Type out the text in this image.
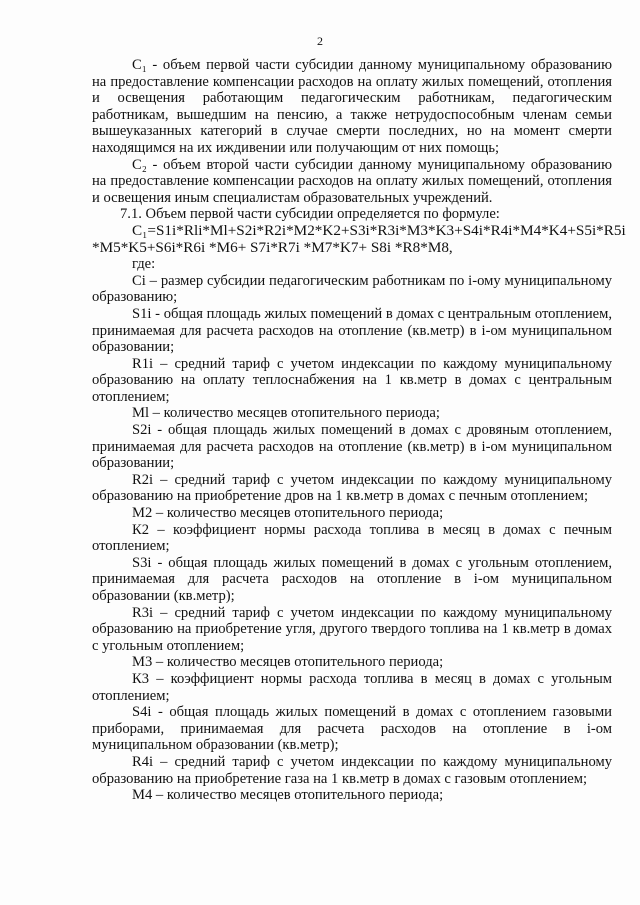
2

С₁ - объем первой части субсидии данному муниципальному образованию на предоставление компенсации расходов на оплату жилых помещений, отопления и освещения работающим педагогическим работникам, педагогическим работникам, вышедшим на пенсию, а также нетрудоспособным членам семьи вышеуказанных категорий в случае смерти последних, но на момент смерти находящимся на их иждивении или получающим от них помощь;

С₂ - объем второй части субсидии данному муниципальному образованию на предоставление компенсации расходов на оплату жилых помещений, отопления и освещения иным специалистам образовательных учреждений.

7.1. Объем первой части субсидии определяется по формуле:

C₁=S1i*Rli*Ml+S2i*R2i*M2*K2+S3i*R3i*M3*K3+S4i*R4i*M4*K4+S5i*R5i

*M5*K5+S6i*R6i *M6+ S7i*R7i *M7*K7+ S8i *R8*M8,

где:

Ci – размер субсидии педагогическим работникам по i-ому муниципальному образованию;

S1i - общая площадь жилых помещений в домах с центральным отоплением, принимаемая для расчета расходов на отопление (кв.метр) в i-ом муниципальном образовании;

R1i – средний тариф с учетом индексации по каждому муниципальному образованию на оплату теплоснабжения на 1 кв.метр в домах с центральным отоплением;

Ml – количество месяцев отопительного периода;

S2i - общая площадь жилых помещений в домах с дровяным отоплением, принимаемая для расчета расходов на отопление (кв.метр) в i-ом муниципальном образовании;

R2i – средний тариф с учетом индексации по каждому муниципальному образованию на приобретение дров на 1 кв.метр в домах с печным отоплением;

M2 – количество месяцев отопительного периода;

К2 – коэффициент нормы расхода топлива в месяц в домах с печным отоплением;

S3i - общая площадь жилых помещений в домах с угольным отоплением, принимаемая для расчета расходов на отопление в i-ом муниципальном образовании (кв.метр);

R3i – средний тариф с учетом индексации по каждому муниципальному образованию на приобретение угля, другого твердого топлива на 1 кв.метр в домах с угольным отоплением;

M3 – количество месяцев отопительного периода;

К3 – коэффициент нормы расхода топлива в месяц в домах с угольным отоплением;

S4i - общая площадь жилых помещений в домах с отоплением газовыми приборами, принимаемая для расчета расходов на отопление в i-ом муниципальном образовании (кв.метр);

R4i – средний тариф с учетом индексации по каждому муниципальному образованию на приобретение газа на 1 кв.метр в домах с газовым отоплением;

M4 – количество месяцев отопительного периода;
